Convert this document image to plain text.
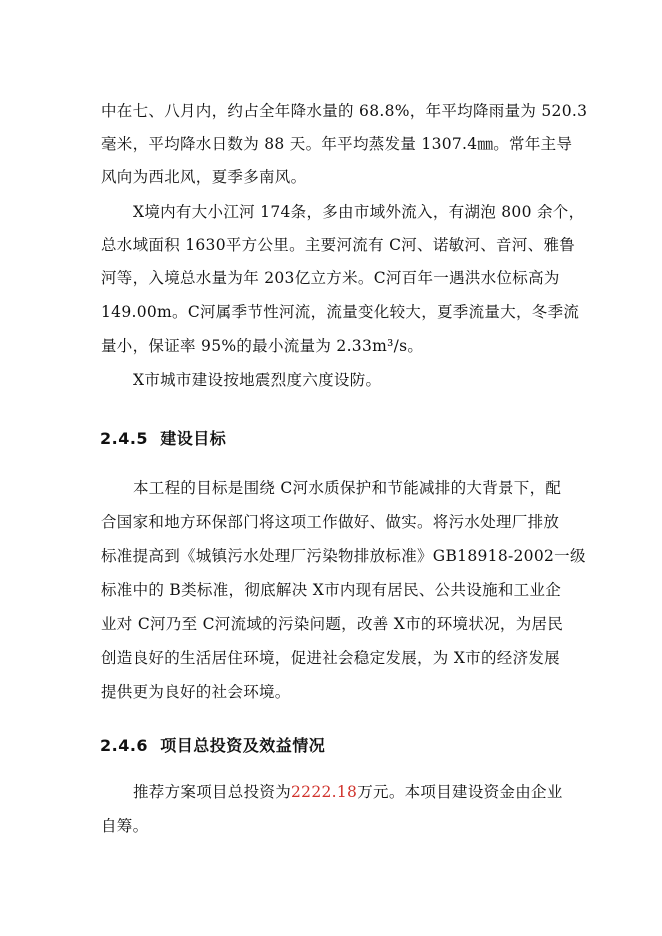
中在七、八月内，约占全年降水量的 68.8%，年平均降雨量为 520.3
毫米，平均降水日数为 88 天。年平均蒸发量 1307.4㎜。常年主导
风向为西北风，夏季多南风。
X境内有大小江河 174条，多由市域外流入，有湖泡 800 余个，
总水域面积 1630平方公里。主要河流有 C河、诺敏河、音河、雅鲁
河等，入境总水量为年 203亿立方米。C河百年一遇洪水位标高为
149.00m。C河属季节性河流，流量变化较大，夏季流量大，冬季流
量小，保证率 95%的最小流量为 2.33m³/s。
X市城市建设按地震烈度六度设防。
2.4.5 建设目标
本工程的目标是围绕 C河水质保护和节能减排的大背景下，配
合国家和地方环保部门将这项工作做好、做实。将污水处理厂排放
标准提高到《城镇污水处理厂污染物排放标准》GB18918-2002一级
标准中的 B类标准，彻底解决 X市内现有居民、公共设施和工业企
业对 C河乃至 C河流域的污染问题，改善 X市的环境状况，为居民
创造良好的生活居住环境，促进社会稳定发展，为 X市的经济发展
提供更为良好的社会环境。
2.4.6 项目总投资及效益情况
推荐方案项目总投资为2222.18万元。本项目建设资金由企业
自筹。
